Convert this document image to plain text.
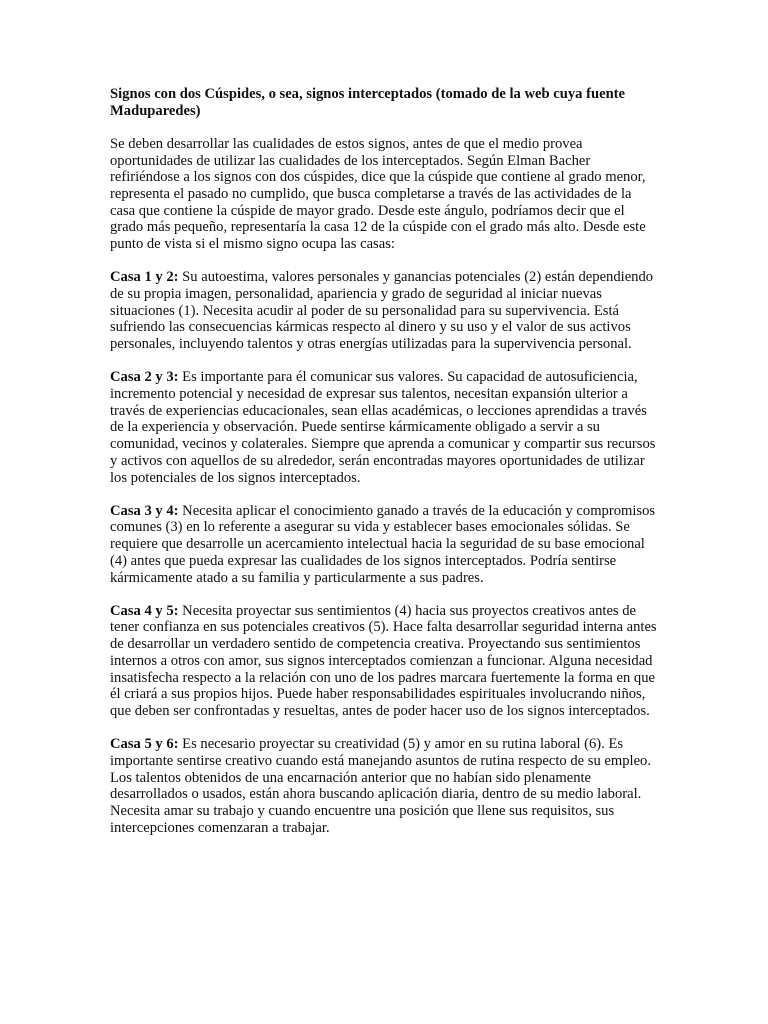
Signos con dos Cúspides, o sea, signos interceptados (tomado de la web cuya fuente Maduparedes)

Se deben desarrollar las cualidades de estos signos, antes de que el medio provea oportunidades de utilizar las cualidades de los interceptados. Según Elman Bacher refiriéndose a los signos con dos cúspides, dice que la cúspide que contiene al grado menor, representa el pasado no cumplido, que busca completarse a través de las actividades de la casa que contiene la cúspide de mayor grado. Desde este ángulo, podríamos decir que el grado más pequeño, representaría la casa 12 de la cúspide con el grado más alto. Desde este punto de vista si el mismo signo ocupa las casas:

Casa 1 y 2: Su autoestima, valores personales y ganancias potenciales (2) están dependiendo de su propia imagen, personalidad, apariencia y grado de seguridad al iniciar nuevas situaciones (1). Necesita acudir al poder de su personalidad para su supervivencia. Está sufriendo las consecuencias kármicas respecto al dinero y su uso y el valor de sus activos personales, incluyendo talentos y otras energías utilizadas para la supervivencia personal.

Casa 2 y 3: Es importante para él comunicar sus valores. Su capacidad de autosuficiencia, incremento potencial y necesidad de expresar sus talentos, necesitan expansión ulterior a través de experiencias educacionales, sean ellas académicas, o lecciones aprendidas a través de la experiencia y observación. Puede sentirse kármicamente obligado a servir a su comunidad, vecinos y colaterales. Siempre que aprenda a comunicar y compartir sus recursos y activos con aquellos de su alrededor, serán encontradas mayores oportunidades de utilizar los potenciales de los signos interceptados.

Casa 3 y 4: Necesita aplicar el conocimiento ganado a través de la educación y compromisos comunes (3) en lo referente a asegurar su vida y establecer bases emocionales sólidas. Se requiere que desarrolle un acercamiento intelectual hacia la seguridad de su base emocional (4) antes que pueda expresar las cualidades de los signos interceptados. Podría sentirse kármicamente atado a su familia y particularmente a sus padres.

Casa 4 y 5: Necesita proyectar sus sentimientos (4) hacia sus proyectos creativos antes de tener confianza en sus potenciales creativos (5). Hace falta desarrollar seguridad interna antes de desarrollar un verdadero sentido de competencia creativa. Proyectando sus sentimientos internos a otros con amor, sus signos interceptados comienzan a funcionar. Alguna necesidad insatisfecha respecto a la relación con uno de los padres marcara fuertemente la forma en que él criará a sus propios hijos. Puede haber responsabilidades espirituales involucrando niños, que deben ser confrontadas y resueltas, antes de poder hacer uso de los signos interceptados.

Casa 5 y 6: Es necesario proyectar su creatividad (5) y amor en su rutina laboral (6). Es importante sentirse creativo cuando está manejando asuntos de rutina respecto de su empleo. Los talentos obtenidos de una encarnación anterior que no habían sido plenamente desarrollados o usados, están ahora buscando aplicación diaria, dentro de su medio laboral. Necesita amar su trabajo y cuando encuentre una posición que llene sus requisitos, sus intercepciones comenzaran a trabajar.
